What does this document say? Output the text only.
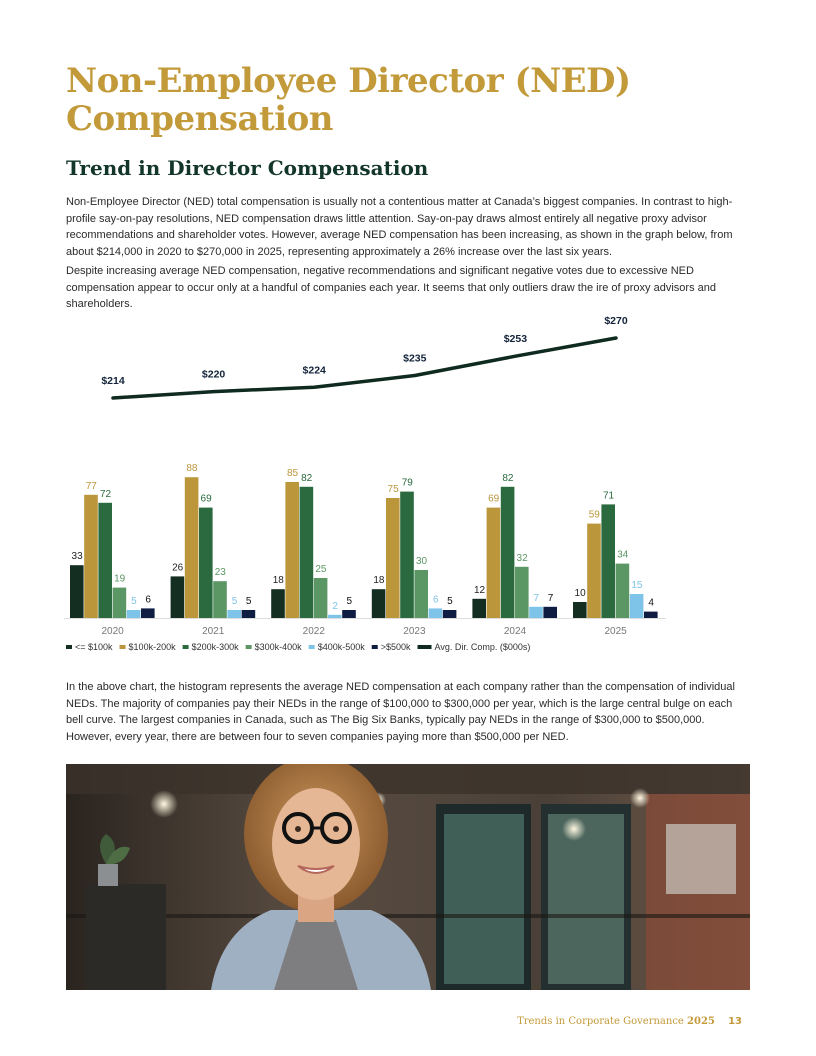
Non-Employee Director (NED) Compensation
Trend in Director Compensation

Non-Employee Director (NED) total compensation is usually not a contentious matter at Canada’s biggest companies. In contrast to high-profile say-on-pay resolutions, NED compensation draws little attention. Say-on-pay draws almost entirely all negative proxy advisor recommendations and shareholder votes. However, average NED compensation has been increasing, as shown in the graph below, from about $214,000 in 2020 to $270,000 in 2025, representing approximately a 26% increase over the last six years.

Despite increasing average NED compensation, negative recommendations and significant negative votes due to excessive NED compensation appear to occur only at a handful of companies each year. It seems that only outliers draw the ire of proxy advisors and shareholders.

33
77
72
19
5 6
26
88
69
23
5 5
18
85 82
25
2 5
18
75
79
30
6 5
12
69
82
32
7 7 10
59
71
34
15
4
$214
$220	$224
$235
$253
$270
2020	2021	2022	2023	2024	2025
<= $100k $100k-200k $200k-300k $300k-400k $400k-500k >$500k	Avg. Dir. Comp. ($000s)

In the above chart, the histogram represents the average NED compensation at each company rather than the compensation of individual NEDs. The majority of companies pay their NEDs in the range of $100,000 to $300,000 per year, which is the large central bulge on each bell curve. The largest companies in Canada, such as The Big Six Banks, typically pay NEDs in the range of $300,000 to $500,000. However, every year, there are between four to seven companies paying more than $500,000 per NED.

Trends in Corporate Governance 2025 13
